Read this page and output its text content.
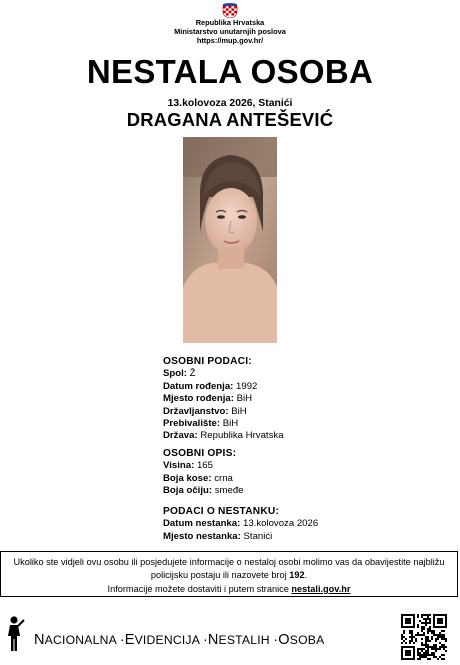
Republika Hrvatska
Ministarstvo unutarnjih poslova
https://mup.gov.hr/
NESTALA OSOBA
13.kolovoza 2026, Stanići
DRAGANA ANTEŠEVIĆ
OSOBNI PODACI:
Spol: Ž
Datum rođenja: 1992
Mjesto rođenja: BiH
Državljanstvo: BiH
Prebivalište: BiH
Država: Republika Hrvatska
OSOBNI OPIS:
Visina: 165
Boja kose: crna
Boja očiju: smeđe
PODACI O NESTANKU:
Datum nestanka: 13.kolovoza 2026
Mjesto nestanka: Stanići
Ukoliko ste vidjeli ovu osobu ili posjedujete informacije o nestaloj osobi molimo vas da obavijestite najbližu
policijsku postaju ili nazovete broj 192.
Informacije možete dostaviti i putem stranice nestali.gov.hr
NACIONALNA ·EVIDENCIJA ·NESTALIH ·OSOBA
